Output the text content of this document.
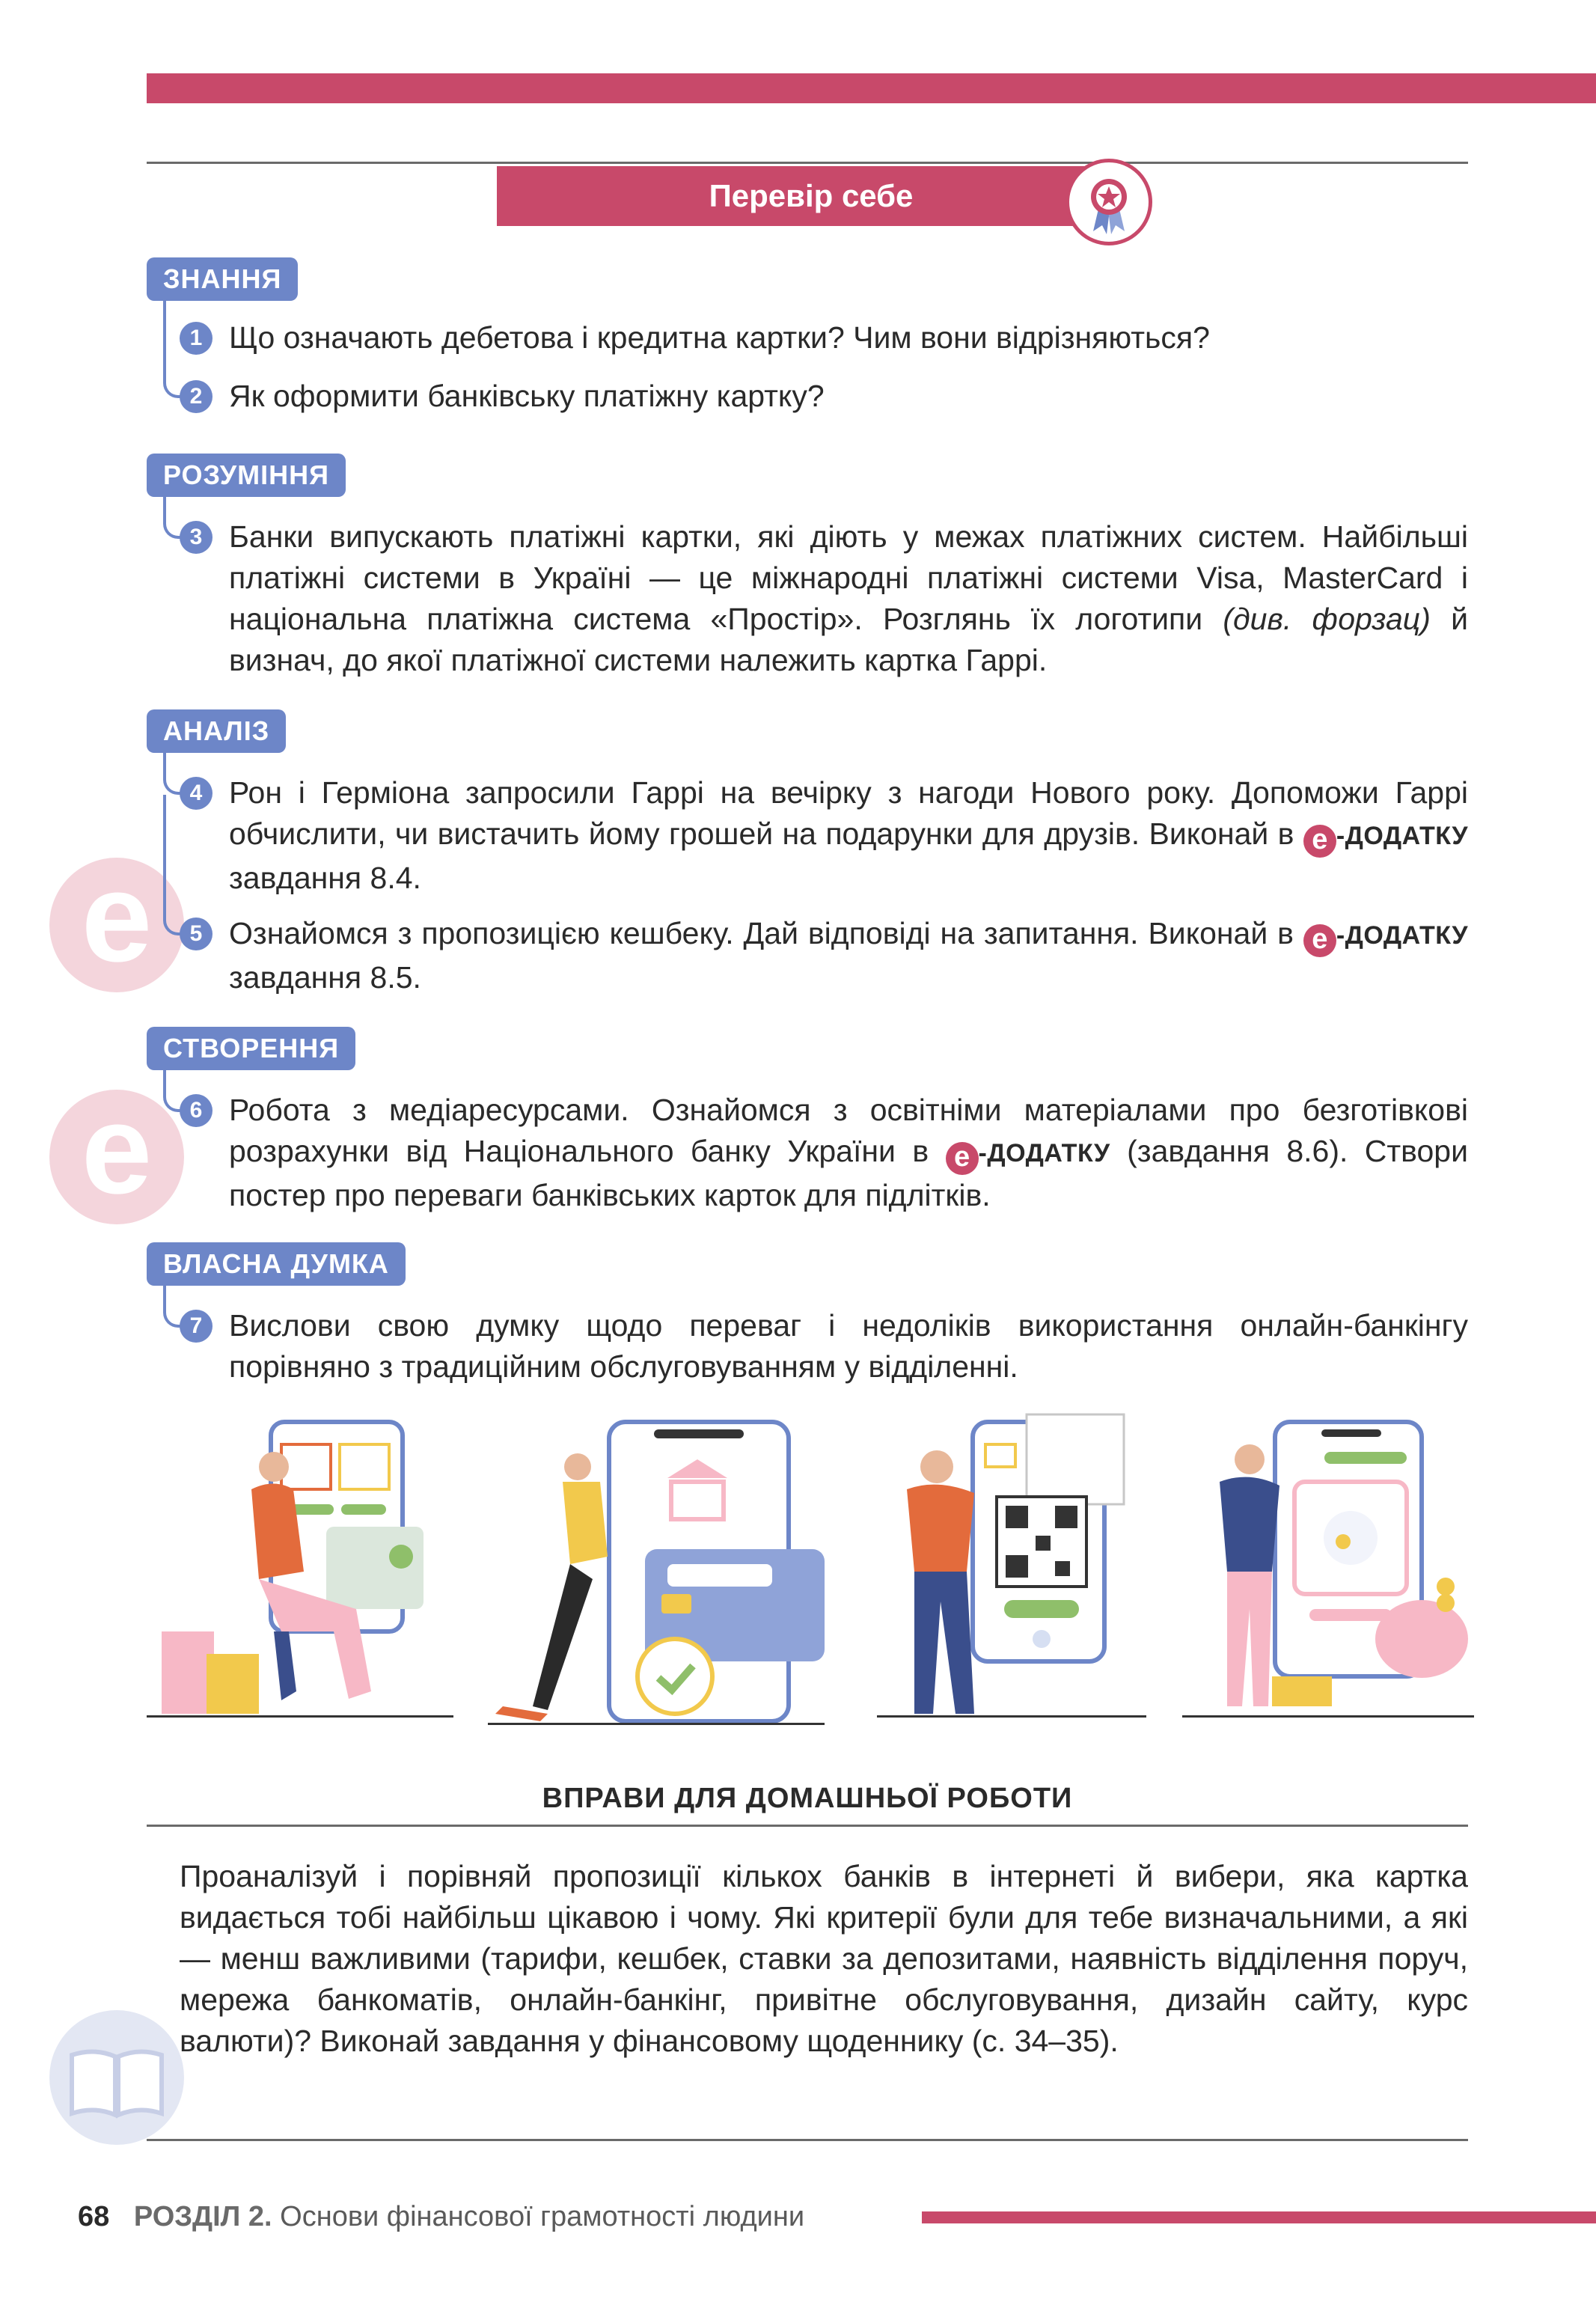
Перевір себе
e
e
ЗНАННЯ
1 Що означають дебетова і кредитна картки? Чим вони відрізняються?

2 Як оформити банківську платіжну картку?

РОЗУМІННЯ
3 Банки випускають платіжні картки, які діють у межах платіжних систем. Найбільші платіжні системи в Україні — це міжнародні платіжні системи Visa, MasterCard і національна платіжна система «Простір». Розглянь їх логотипи (див. форзац) й визнач, до якої платіжної системи належить картка Гаррі.

АНАЛІЗ
4 Рон і Герміона запросили Гаррі на вечірку з нагоди Нового року. Допоможи Гаррі обчислити, чи вистачить йому грошей на подарунки для друзів. Виконай в e -ДОДАТКУ завдання 8.4.

5 Ознайомся з пропозицією кешбеку. Дай відповіді на запитання. Виконай в e -ДОДАТКУ завдання 8.5.

СТВОРЕННЯ
6 Робота з медіаресурсами. Ознайомся з освітніми матеріалами про безготівкові розрахунки від Національного банку України в e -ДОДАТКУ (завдання 8.6). Створи постер про переваги банківських карток для підлітків.

ВЛАСНА ДУМКА
7 Вислови свою думку щодо переваг і недоліків використання онлайн-банкінгу порівняно з традиційним обслуговуванням у відділенні.

ВПРАВИ ДЛЯ ДОМАШНЬОЇ РОБОТИ
Проаналізуй і порівняй пропозиції кількох банків в інтернеті й вибери, яка картка видається тобі найбільш цікавою і чому. Які критерії були для тебе визначальними, а які — менш важливими (тарифи, кешбек, ставки за депозитами, наявність відділення поруч, мережа банкоматів, онлайн-банкінг, привітне обслуговування, дизайн сайту, курс валюти)? Виконай завдання у фінансовому щоденнику (с. 34–35).
68 РОЗДІЛ 2. Основи фінансової грамотності людини
